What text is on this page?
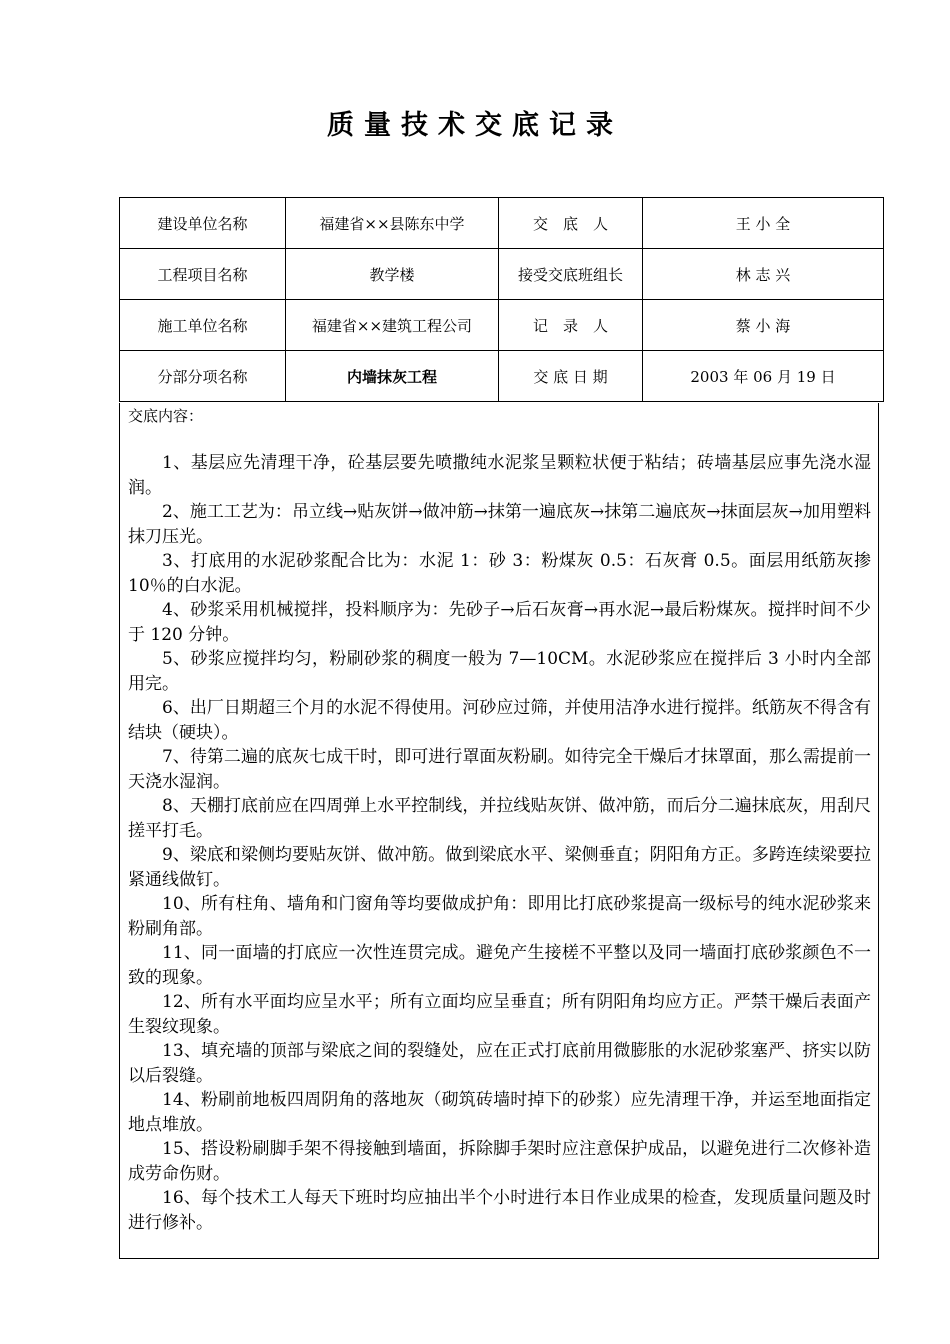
质量技术交底记录
建设单位名称	福建省××县陈东中学	交　底　人	王 小 全
工程项目名称	教学楼	接受交底班组长	林 志 兴
施工单位名称	福建省××建筑工程公司	记　录　人	蔡 小 海
分部分项名称	内墙抹灰工程	交 底 日 期	2003 年 06 月 19 日
交底内容：

1、基层应先清理干净，砼基层要先喷撒纯水泥浆呈颗粒状便于粘结；砖墙基层应事先浇水湿润。

2、施工工艺为：吊立线→贴灰饼→做冲筋→抹第一遍底灰→抹第二遍底灰→抹面层灰→加用塑料抹刀压光。

3、打底用的水泥砂浆配合比为：水泥 1：砂 3：粉煤灰 0.5：石灰膏 0.5。面层用纸筋灰掺 10％的白水泥。

4、砂浆采用机械搅拌，投料顺序为：先砂子→后石灰膏→再水泥→最后粉煤灰。搅拌时间不少于 120 分钟。

5、砂浆应搅拌均匀，粉刷砂浆的稠度一般为 7—10CM。水泥砂浆应在搅拌后 3 小时内全部用完。

6、出厂日期超三个月的水泥不得使用。河砂应过筛，并使用洁净水进行搅拌。纸筋灰不得含有结块（硬块）。

7、待第二遍的底灰七成干时，即可进行罩面灰粉刷。如待完全干燥后才抹罩面，那么需提前一天浇水湿润。

8、天棚打底前应在四周弹上水平控制线，并拉线贴灰饼、做冲筋，而后分二遍抹底灰，用刮尺搓平打毛。

9、梁底和梁侧均要贴灰饼、做冲筋。做到梁底水平、梁侧垂直；阴阳角方正。多跨连续梁要拉紧通线做钉。

10、所有柱角、墙角和门窗角等均要做成护角：即用比打底砂浆提高一级标号的纯水泥砂浆来粉刷角部。

11、同一面墙的打底应一次性连贯完成。避免产生接槎不平整以及同一墙面打底砂浆颜色不一致的现象。

12、所有水平面均应呈水平；所有立面均应呈垂直；所有阴阳角均应方正。严禁干燥后表面产生裂纹现象。

13、填充墙的顶部与梁底之间的裂缝处，应在正式打底前用微膨胀的水泥砂浆塞严、挤实以防以后裂缝。

14、粉刷前地板四周阴角的落地灰（砌筑砖墙时掉下的砂浆）应先清理干净，并运至地面指定地点堆放。

15、搭设粉刷脚手架不得接触到墙面，拆除脚手架时应注意保护成品，以避免进行二次修补造成劳命伤财。

16、每个技术工人每天下班时均应抽出半个小时进行本日作业成果的检查，发现质量问题及时进行修补。
